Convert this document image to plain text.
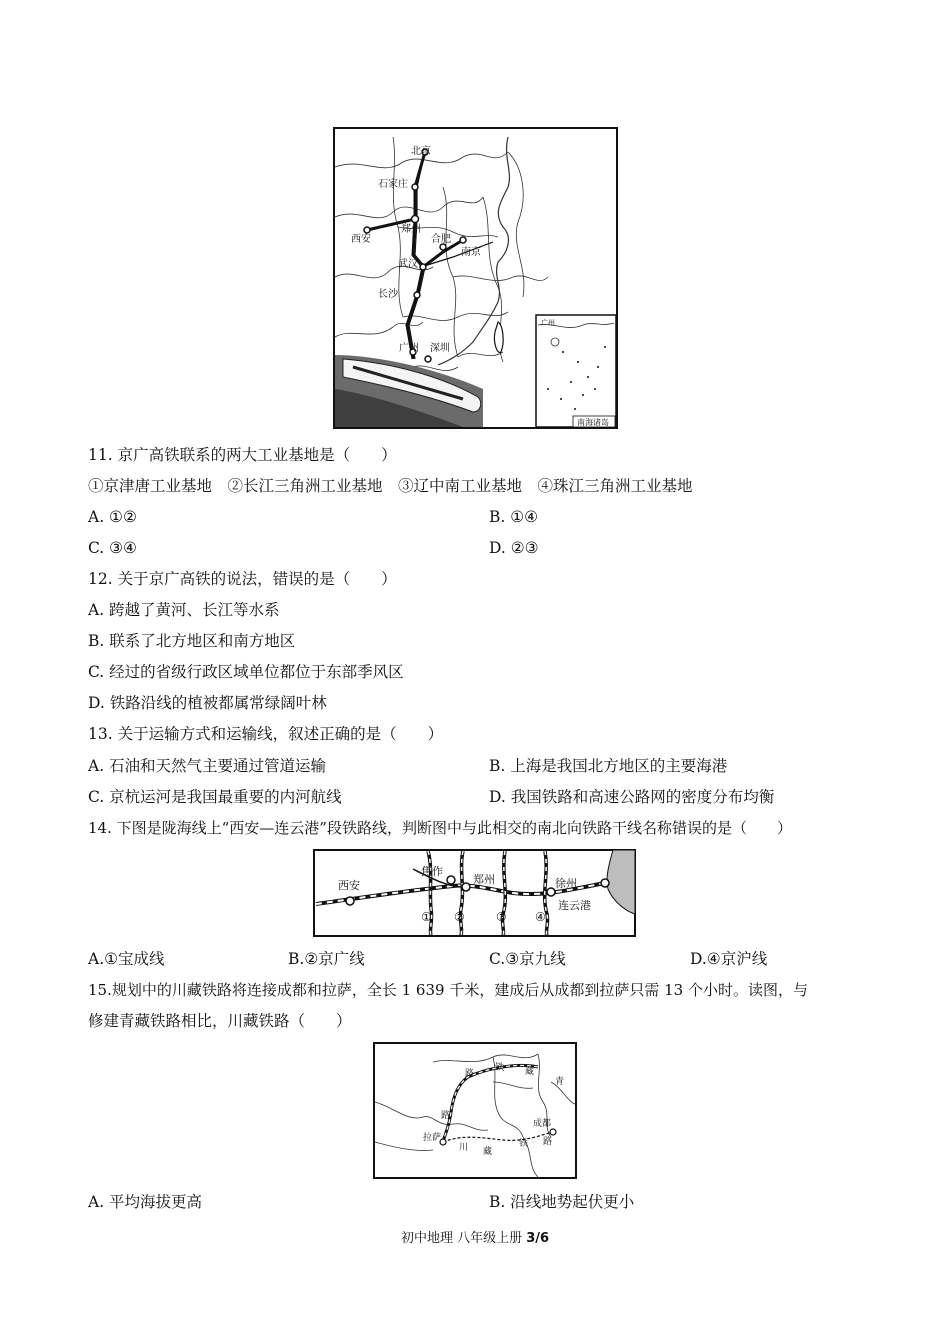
北京
石家庄
郑州
西安	合肥
南京
武汉
长沙
广州 深圳
南海诸岛
广州
11. 京广高铁联系的两大工业基地是（　　）
①京津唐工业基地　②长江三角洲工业基地　③辽中南工业基地　④珠江三角洲工业基地
A. ①②	B. ①④
C. ③④	D. ②③
12. 关于京广高铁的说法，错误的是（　　）
A. 跨越了黄河、长江等水系
B. 联系了北方地区和南方地区
C. 经过的省级行政区域单位都位于东部季风区
D. 铁路沿线的植被都属常绿阔叶林
13. 关于运输方式和运输线，叙述正确的是（　　）
A. 石油和天然气主要通过管道运输	B. 上海是我国北方地区的主要海港
C. 京杭运河是我国最重要的内河航线	D. 我国铁路和高速公路网的密度分布均衡
14. 下图是陇海线上“西安—连云港”段铁路线，判断图中与此相交的南北向铁路干线名称错误的是（　　）
西安
焦作
郑州	徐州
连云港
① ②	③ ④
A.①宝成线	B.②京广线	C.③京九线	D.④京沪线
15.规划中的川藏铁路将连接成都和拉萨，全长 1 639 千米，建成后从成都到拉萨只需 13 个小时。读图，与
修建青藏铁路相比，川藏铁路（　　）
青
藏
铁
路
路
成都
拉萨
川 藏
铁 路
A. 平均海拔更高	B. 沿线地势起伏更小
初中地理 八年级上册 3/6
